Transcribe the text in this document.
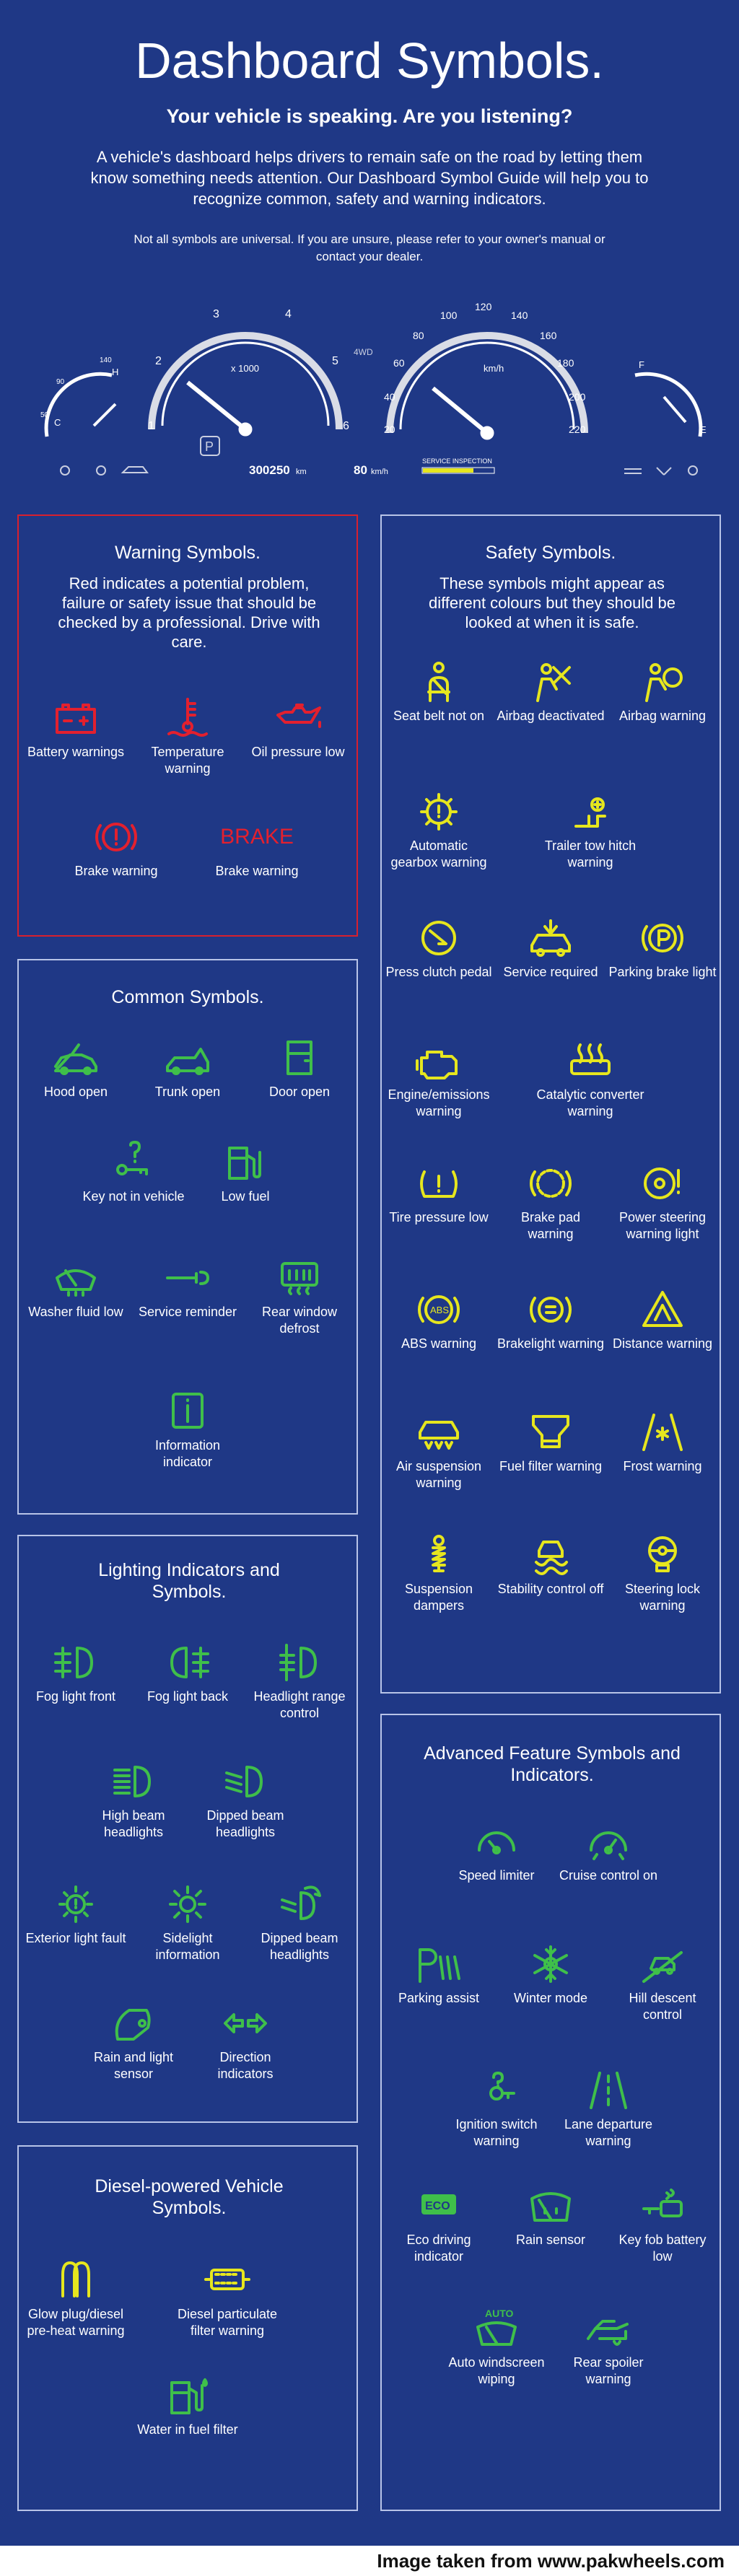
Dashboard Symbols.
Your vehicle is speaking. Are you listening?
A vehicle's dashboard helps drivers to remain safe on the road by letting them know something needs attention. Our Dashboard Symbol Guide will help you to recognize common, safety and warning indicators.
Not all symbols are universal. If you are unsure, please refer to your owner's manual or contact your dealer.
C
50
90
140
H
1
2
3	4
5
6
x 1000
20
40
60
80
100
120
140
160
180
200
220
km/h	F
E
4WD
P
300250 km	80 km/h
SERVICE INSPECTION
Warning Symbols.
Red indicates a potential problem, failure or safety issue that should be checked by a professional. Drive with care.
Battery warnings	Temperature warning
Oil pressure low
Brake warning
BRAKE
Brake warning
Safety Symbols.
These symbols might appear as different colours but they should be looked at when it is safe.
Seat belt not on Airbag deactivated	Airbag warning
Automatic gearbox warning
Trailer tow hitch warning
Press clutch pedal Service required Parking brake light
Engine/emissions warning
Catalytic converter warning
Tire pressure low	Brake pad warning
Power steering warning light
ABS
ABS warning	Brakelight warning Distance warning
Air suspension warning
Fuel filter warning	Frost warning
Suspension dampers
Stability control off	Steering lock warning
Common Symbols.
Hood open	Trunk open	Door open
Key not in vehicle	Low fuel
Washer fluid low	Service reminder	Rear window defrost
Information indicator
Lighting Indicators and Symbols.
Fog light front	Fog light back	Headlight range control
High beam headlights
Dipped beam headlights
Exterior light fault	Sidelight information
Dipped beam headlights
Rain and light sensor
Direction indicators
Advanced Feature Symbols and Indicators.
Speed limiter	Cruise control on
Parking assist	Winter mode	Hill descent control
Ignition switch warning
Lane departure warning
ECO
Eco driving indicator
Rain sensor	Key fob battery low
AUTO
Auto windscreen wiping
Rear spoiler warning
Diesel-powered Vehicle Symbols.
Glow plug/diesel pre-heat warning
Diesel particulate filter warning
Water in fuel filter
Image taken from www.pakwheels.com
